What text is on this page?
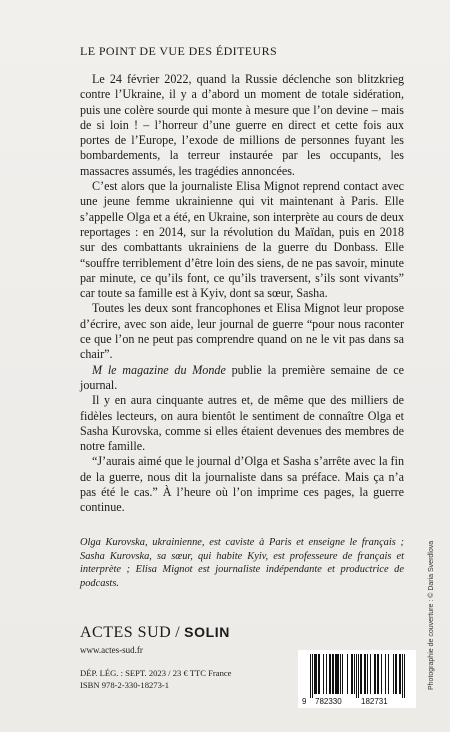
LE POINT DE VUE DES ÉDITEURS

Le 24 février 2022, quand la Russie déclenche son blitzkrieg contre l’Ukraine, il y a d’abord un moment de totale sidération, puis une colère sourde qui monte à mesure que l’on devine – mais de si loin ! – l’horreur d’une guerre en direct et cette fois aux portes de l’Europe, l’exode de millions de personnes fuyant les bombardements, la terreur instaurée par les occupants, les massacres assumés, les tragédies annoncées.

C’est alors que la journaliste Elisa Mignot reprend contact avec une jeune femme ukrainienne qui vit maintenant à Paris. Elle s’appelle Olga et a été, en Ukraine, son interprète au cours de deux reportages : en 2014, sur la révolution du Maïdan, puis en 2018 sur des combattants ukrainiens de la guerre du Donbass. Elle “souffre terriblement d’être loin des siens, de ne pas savoir, minute par minute, ce qu’ils font, ce qu’ils traversent, s’ils sont vivants” car toute sa famille est à Kyiv, dont sa sœur, Sasha.

Toutes les deux sont francophones et Elisa Mignot leur propose d’écrire, avec son aide, leur journal de guerre “pour nous raconter ce que l’on ne peut pas comprendre quand on ne le vit pas dans sa chair”.

M le magazine du Monde publie la première semaine de ce journal.

Il y en aura cinquante autres et, de même que des milliers de fidèles lecteurs, on aura bientôt le sentiment de connaître Olga et Sasha Kurovska, comme si elles étaient devenues des membres de notre famille.

“J’aurais aimé que le journal d’Olga et Sasha s’arrête avec la fin de la guerre, nous dit la journaliste dans sa préface. Mais ça n’a pas été le cas.” À l’heure où l’on imprime ces pages, la guerre continue.

Olga Kurovska, ukrainienne, est caviste à Paris et enseigne le français ; Sasha Kurovska, sa sœur, qui habite Kyiv, est professeure de français et interprète ; Elisa Mignot est journaliste indépendante et productrice de podcasts.

ACTES SUD / SOLIN
www.actes-sud.fr
DÉP. LÉG. : SEPT. 2023 / 23 € TTC France
ISBN 978-2-330-18273-1
9 782330 182731
Photographie de couverture : © Daria Sverdlova
